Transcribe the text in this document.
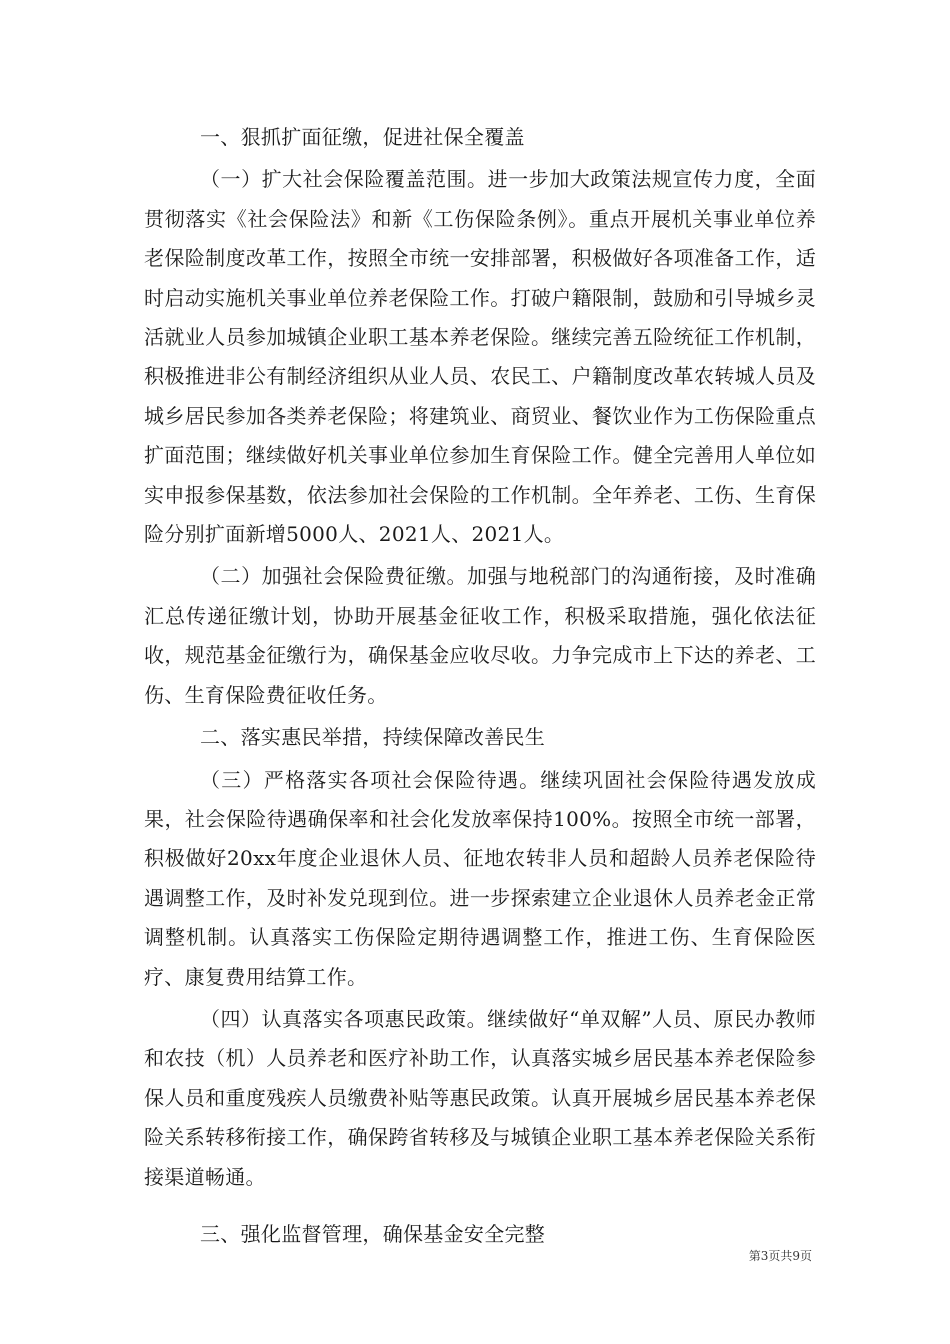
一、狠抓扩面征缴，促进社保全覆盖

（一）扩大社会保险覆盖范围。进一步加大政策法规宣传力度，全面贯彻落实《社会保险法》和新《工伤保险条例》。重点开展机关事业单位养老保险制度改革工作，按照全市统一安排部署，积极做好各项准备工作，适时启动实施机关事业单位养老保险工作。打破户籍限制，鼓励和引导城乡灵活就业人员参加城镇企业职工基本养老保险。继续完善五险统征工作机制，积极推进非公有制经济组织从业人员、农民工、户籍制度改革农转城人员及城乡居民参加各类养老保险；将建筑业、商贸业、餐饮业作为工伤保险重点扩面范围；继续做好机关事业单位参加生育保险工作。健全完善用人单位如实申报参保基数，依法参加社会保险的工作机制。全年养老、工伤、生育保险分别扩面新增5000人、2021人、2021人。

（二）加强社会保险费征缴。加强与地税部门的沟通衔接，及时准确汇总传递征缴计划，协助开展基金征收工作，积极采取措施，强化依法征收，规范基金征缴行为，确保基金应收尽收。力争完成市上下达的养老、工伤、生育保险费征收任务。

二、落实惠民举措，持续保障改善民生

（三）严格落实各项社会保险待遇。继续巩固社会保险待遇发放成果，社会保险待遇确保率和社会化发放率保持100%。按照全市统一部署，积极做好20xx年度企业退休人员、征地农转非人员和超龄人员养老保险待遇调整工作，及时补发兑现到位。进一步探索建立企业退休人员养老金正常调整机制。认真落实工伤保险定期待遇调整工作，推进工伤、生育保险医疗、康复费用结算工作。

（四）认真落实各项惠民政策。继续做好“单双解”人员、原民办教师和农技（机）人员养老和医疗补助工作，认真落实城乡居民基本养老保险参保人员和重度残疾人员缴费补贴等惠民政策。认真开展城乡居民基本养老保险关系转移衔接工作，确保跨省转移及与城镇企业职工基本养老保险关系衔接渠道畅通。

三、强化监督管理，确保基金安全完整

第3页共9页
